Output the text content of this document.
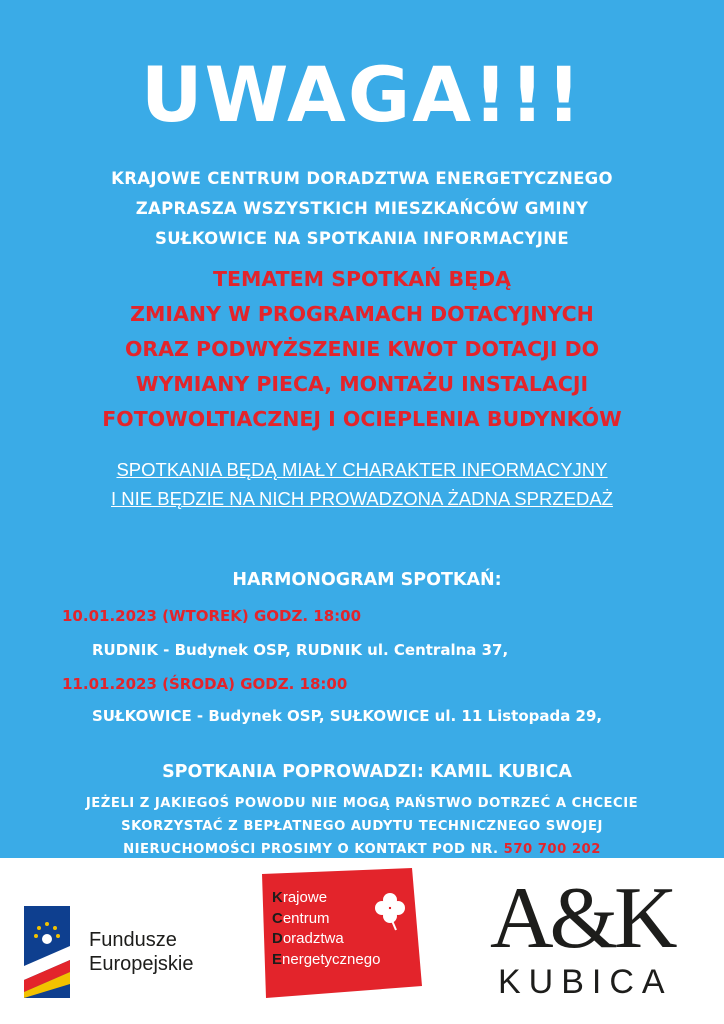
UWAGA!!!
KRAJOWE CENTRUM DORADZTWA ENERGETYCZNEGO
ZAPRASZA WSZYSTKICH MIESZKAŃCÓW GMINY
SUŁKOWICE NA SPOTKANIA INFORMACYJNE
TEMATEM SPOTKAŃ BĘDĄ
ZMIANY W PROGRAMACH DOTACYJNYCH
ORAZ PODWYŻSZENIE KWOT DOTACJI DO
WYMIANY PIECA, MONTAŻU INSTALACJI
FOTOWOLTIACZNEJ I OCIEPLENIA BUDYNKÓW
SPOTKANIA BĘDĄ MIAŁY CHARAKTER INFORMACYJNY
I NIE BĘDZIE NA NICH PROWADZONA ŻADNA SPRZEDAŻ
HARMONOGRAM SPOTKAŃ:
10.01.2023 (WTOREK) GODZ. 18:00
RUDNIK - Budynek OSP, RUDNIK ul. Centralna 37,
11.01.2023 (ŚRODA) GODZ. 18:00
SUŁKOWICE - Budynek OSP, SUŁKOWICE ul. 11 Listopada 29,
SPOTKANIA POPROWADZI: KAMIL KUBICA
JEŻELI Z JAKIEGOŚ POWODU NIE MOGĄ PAŃSTWO DOTRZEĆ A CHCECIE
SKORZYSTAĆ Z BEPŁATNEGO AUDYTU TECHNICZNEGO SWOJEJ
NIERUCHOMOŚCI PROSIMY O KONTAKT POD NR. 570 700 202
Fundusze
Europejskie
Krajowe
Centrum
Doradztwa
Energetycznego A&K
KUBICA
